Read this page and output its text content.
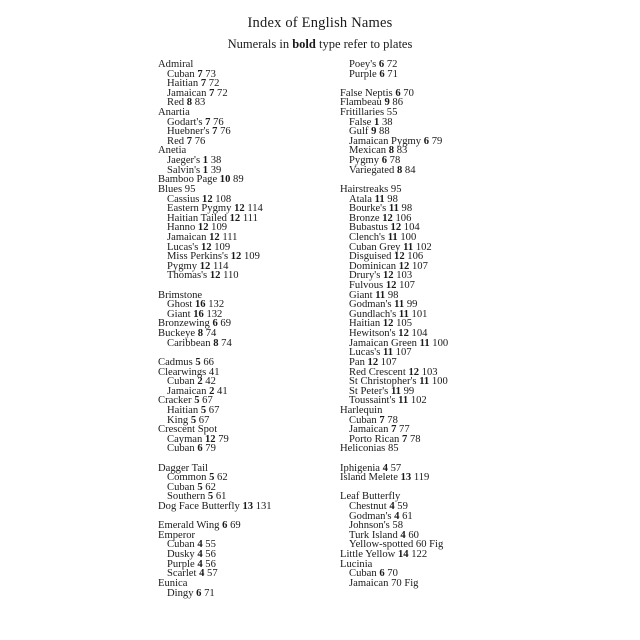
Index of English Names
Numerals in bold type refer to plates
Admiral
Cuban 7 73
Haitian 7 72
Jamaican 7 72
Red 8 83
Anartia
Godart's 7 76
Huebner's 7 76
Red 7 76
Anetia
Jaeger's 1 38
Salvin's 1 39
Bamboo Page 10 89
Blues 95
Cassius 12 108
Eastern Pygmy 12 114
Haitian Tailed 12 111
Hanno 12 109
Jamaican 12 111
Lucas's 12 109
Miss Perkins's 12 109
Pygmy 12 114
Thomas's 12 110
Brimstone
Ghost 16 132
Giant 16 132
Bronzewing 6 69
Buckeye 8 74
Caribbean 8 74
Cadmus 5 66
Clearwings 41
Cuban 2 42
Jamaican 2 41
Cracker 5 67
Haitian 5 67
King 5 67
Crescent Spot
Cayman 12 79
Cuban 6 79
Dagger Tail
Common 5 62
Cuban 5 62
Southern 5 61
Dog Face Butterfly 13 131
Emerald Wing 6 69
Emperor
Cuban 4 55
Dusky 4 56
Purple 4 56
Scarlet 4 57
Eunica
Dingy 6 71
Poey's 6 72
Purple 6 71
False Neptis 6 70
Flambeau 9 86
Fritillaries 55
False 1 38
Gulf 9 88
Jamaican Pygmy 6 79
Mexican 8 83
Pygmy 6 78
Variegated 8 84
Hairstreaks 95
Atala 11 98
Bourke's 11 98
Bronze 12 106
Bubastus 12 104
Clench's 11 100
Cuban Grey 11 102
Disguised 12 106
Dominican 12 107
Drury's 12 103
Fulvous 12 107
Giant 11 98
Godman's 11 99
Gundlach's 11 101
Haitian 12 105
Hewitson's 12 104
Jamaican Green 11 100
Lucas's 11 107
Pan 12 107
Red Crescent 12 103
St Christopher's 11 100
St Peter's 11 99
Toussaint's 11 102
Harlequin
Cuban 7 78
Jamaican 7 77
Porto Rican 7 78
Heliconias 85
Iphigenia 4 57
Island Melete 13 119
Leaf Butterfly
Chestnut 4 59
Godman's 4 61
Johnson's 58
Turk Island 4 60
Yellow-spotted 60 Fig
Little Yellow 14 122
Lucinia
Cuban 6 70
Jamaican 70 Fig
